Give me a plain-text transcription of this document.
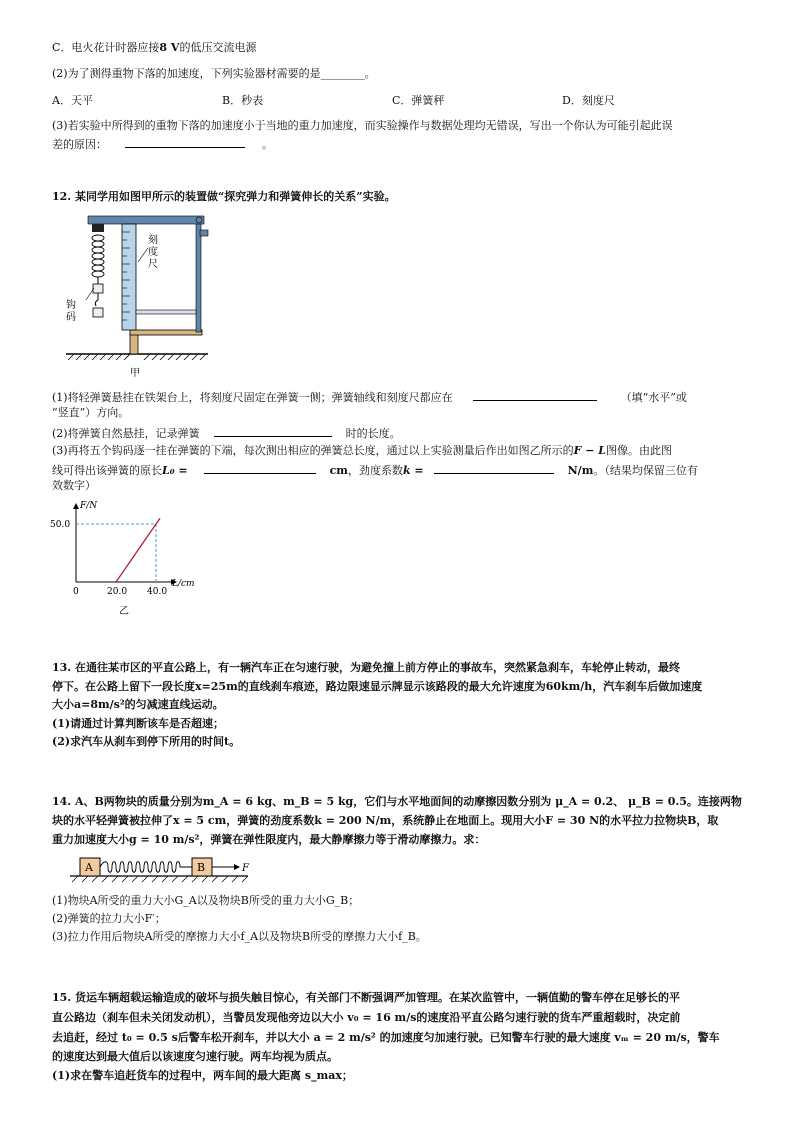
C．电火花计时器应接8 V的低压交流电源
(2)为了测得重物下落的加速度，下列实验器材需要的是________。
A．天平	B．秒表	C．弹簧秤	D．刻度尺
(3)若实验中所得到的重物下落的加速度小于当地的重力加速度，而实验操作与数据处理均无错误，写出一个你认为可能引起此误
差的原因：	。
12. 某同学用如图甲所示的装置做“探究弹力和弹簧伸长的关系”实验。
刻
度
尺
钩
码
甲
(1)将轻弹簧悬挂在铁架台上，将刻度尺固定在弹簧一侧；弹簧轴线和刻度尺都应在	（填“水平”或
“竖直”）方向。
(2)将弹簧自然悬挂，记录弹簧	时的长度。
(3)再将五个钩码逐一挂在弹簧的下端，每次测出相应的弹簧总长度，通过以上实验测量后作出如图乙所示的F − L图像。由此图
线可得出该弹簧的原长L₀ =	cm，劲度系数k =	N/m。（结果均保留三位有
效数字）
F/N
L/cm
0	20.0 40.0
50.0
乙
13. 在通往某市区的平直公路上，有一辆汽车正在匀速行驶，为避免撞上前方停止的事故车，突然紧急刹车，车轮停止转动，最终
停下。在公路上留下一段长度x=25m的直线刹车痕迹，路边限速显示牌显示该路段的最大允许速度为60km/h，汽车刹车后做加速度
大小a=8m/s²的匀减速直线运动。
(1)请通过计算判断该车是否超速；
(2)求汽车从刹车到停下所用的时间t。
14. A、B两物块的质量分别为m_A = 6 kg、m_B = 5 kg，它们与水平地面间的动摩擦因数分别为 μ_A = 0.2、 μ_B = 0.5。连接两物
块的水平轻弹簧被拉伸了x = 5 cm，弹簧的劲度系数k = 200 N/m，系统静止在地面上。现用大小F = 30 N的水平拉力拉物块B，取
重力加速度大小g = 10 m/s²，弹簧在弹性限度内，最大静摩擦力等于滑动摩擦力。求：
A	B	F
(1)物块A所受的重力大小G_A以及物块B所受的重力大小G_B；
(2)弹簧的拉力大小F′；
(3)拉力作用后物块A所受的摩擦力大小f_A以及物块B所受的摩擦力大小f_B。
15. 货运车辆超载运输造成的破坏与损失触目惊心，有关部门不断强调严加管理。在某次监管中，一辆值勤的警车停在足够长的平
直公路边（刹车但未关闭发动机），当警员发现他旁边以大小 v₀ = 16 m/s的速度沿平直公路匀速行驶的货车严重超载时，决定前
去追赶，经过 t₀ = 0.5 s后警车松开刹车，并以大小 a = 2 m/s² 的加速度匀加速行驶。已知警车行驶的最大速度 vₘ = 20 m/s，警车
的速度达到最大值后以该速度匀速行驶。两车均视为质点。
(1)求在警车追赶货车的过程中，两车间的最大距离 s_max；
